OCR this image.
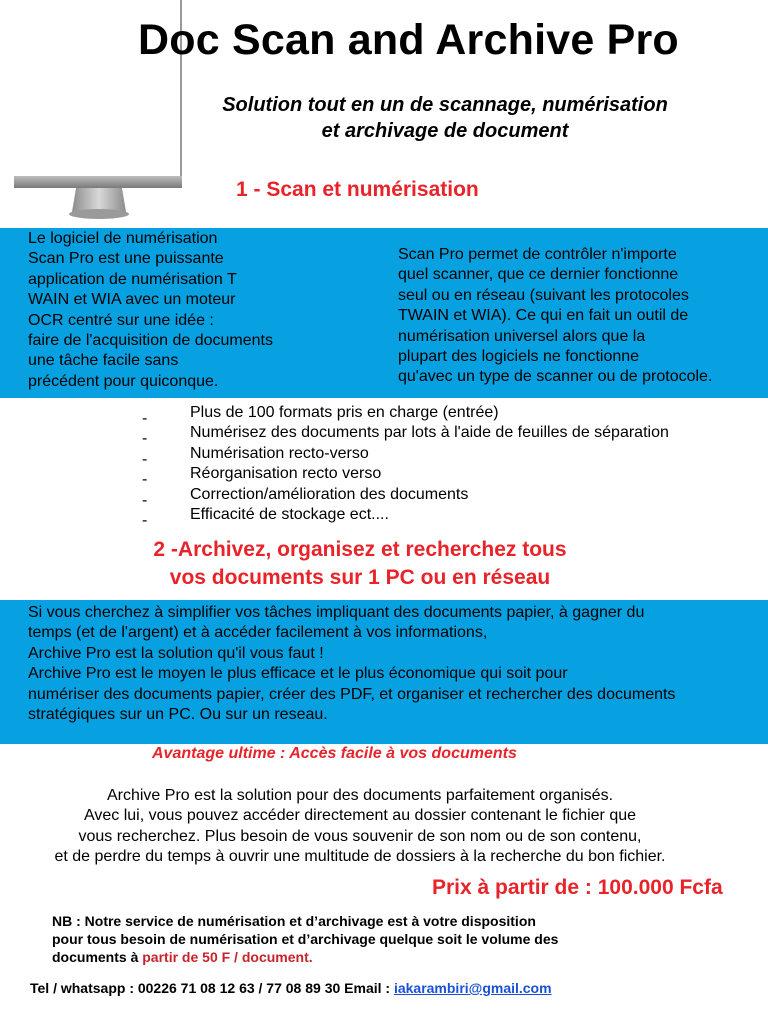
Doc Scan and Archive Pro
Solution tout en un de scannage, numérisation
et archivage de document
1 - Scan et numérisation
Le logiciel de numérisation
Scan Pro est une puissante
application de numérisation T
WAIN et WIA avec un moteur
OCR centré sur une idée :
faire de l'acquisition de documents
une tâche facile sans
précédent pour quiconque.
Scan Pro permet de contrôler n'importe
quel scanner, que ce dernier fonctionne
seul ou en réseau (suivant les protocoles
TWAIN et WIA). Ce qui en fait un outil de
numérisation universel alors que la
plupart des logiciels ne fonctionne
qu'avec un type de scanner ou de protocole.
-	Plus de 100 formats pris en charge (entrée)
-	Numérisez des documents par lots à l'aide de feuilles de séparation
-	Numérisation recto-verso
-	Réorganisation recto verso
-	Correction/amélioration des documents
-	Efficacité de stockage ect....
2 -Archivez, organisez et recherchez tous
vos documents sur 1 PC ou en réseau
Si vous cherchez à simplifier vos tâches impliquant des documents papier, à gagner du
temps (et de l'argent) et à accéder facilement à vos informations,
Archive Pro est la solution qu'il vous faut !
Archive Pro est le moyen le plus efficace et le plus économique qui soit pour
numériser des documents papier, créer des PDF, et organiser et rechercher des documents
stratégiques sur un PC. Ou sur un reseau.
Avantage ultime : Accès facile à vos documents
Archive Pro est la solution pour des documents parfaitement organisés.
Avec lui, vous pouvez accéder directement au dossier contenant le fichier que
vous recherchez. Plus besoin de vous souvenir de son nom ou de son contenu,
et de perdre du temps à ouvrir une multitude de dossiers à la recherche du bon fichier.
Prix à partir de : 100.000 Fcfa
NB : Notre service de numérisation et d’archivage est à votre disposition
pour tous besoin de numérisation et d’archivage quelque soit le volume des
documents à partir de 50 F / document.
Tel / whatsapp : 00226 71 08 12 63 / 77 08 89 30 Email : iakarambiri@gmail.com
